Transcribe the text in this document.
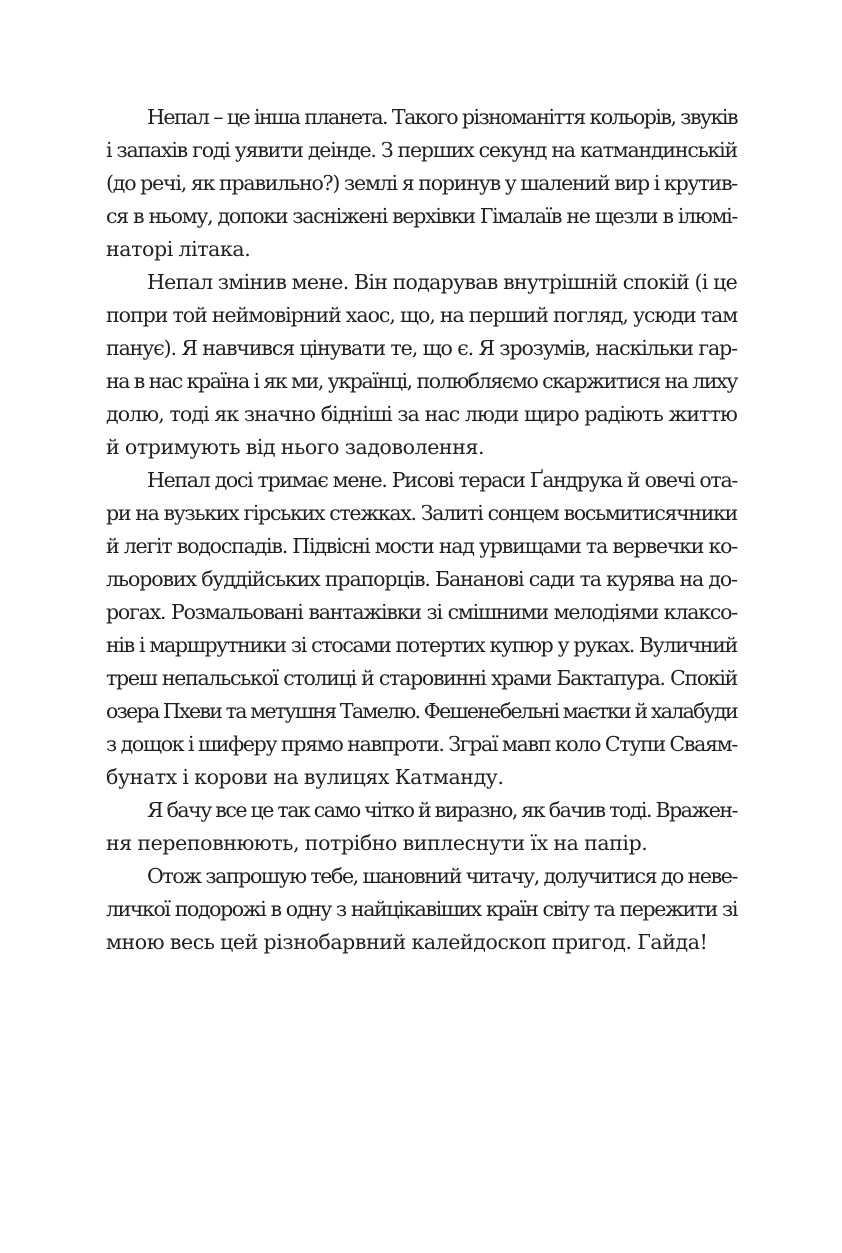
Непал – це інша планета. Такого різноманіття кольорів, звуків
і запахів годі уявити деінде. З перших секунд на катмандинській
(до речі, як правильно?) землі я поринув у шалений вир і крутив-
ся в ньому, допоки засніжені верхівки Гімалаїв не щезли в ілюмі-
наторі літака.
Непал змінив мене. Він подарував внутрішній спокій (і це
попри той неймовірний хаос, що, на перший погляд, усюди там
панує). Я навчився цінувати те, що є. Я зрозумів, наскільки гар-
на в нас країна і як ми, українці, полюбляємо скаржитися на лиху
долю, тоді як значно бідніші за нас люди щиро радіють життю
й отримують від нього задоволення.
Непал досі тримає мене. Рисові тераси Ґандрука й овечі ота-
ри на вузьких гірських стежках. Залиті сонцем восьмитисячники
й легіт водоспадів. Підвісні мости над урвищами та вервечки ко-
льорових буддійських прапорців. Бананові сади та курява на до-
рогах. Розмальовані вантажівки зі смішними мелодіями клаксо-
нів і маршрутники зі стосами потертих купюр у руках. Вуличний
треш непальської столиці й старовинні храми Бактапура. Спокій
озера Пхеви та метушня Тамелю. Фешенебельні маєтки й халабуди
з дощок і шиферу прямо навпроти. Зграї мавп коло Ступи Сваям-
бунатх і корови на вулицях Катманду.
Я бачу все це так само чітко й виразно, як бачив тоді. Вражен-
ня переповнюють, потрібно виплеснути їх на папір.
Отож запрошую тебе, шановний читачу, долучитися до неве-
личкої подорожі в одну з найцікавіших країн світу та пережити зі
мною весь цей різнобарвний калейдоскоп пригод. Гайда!
